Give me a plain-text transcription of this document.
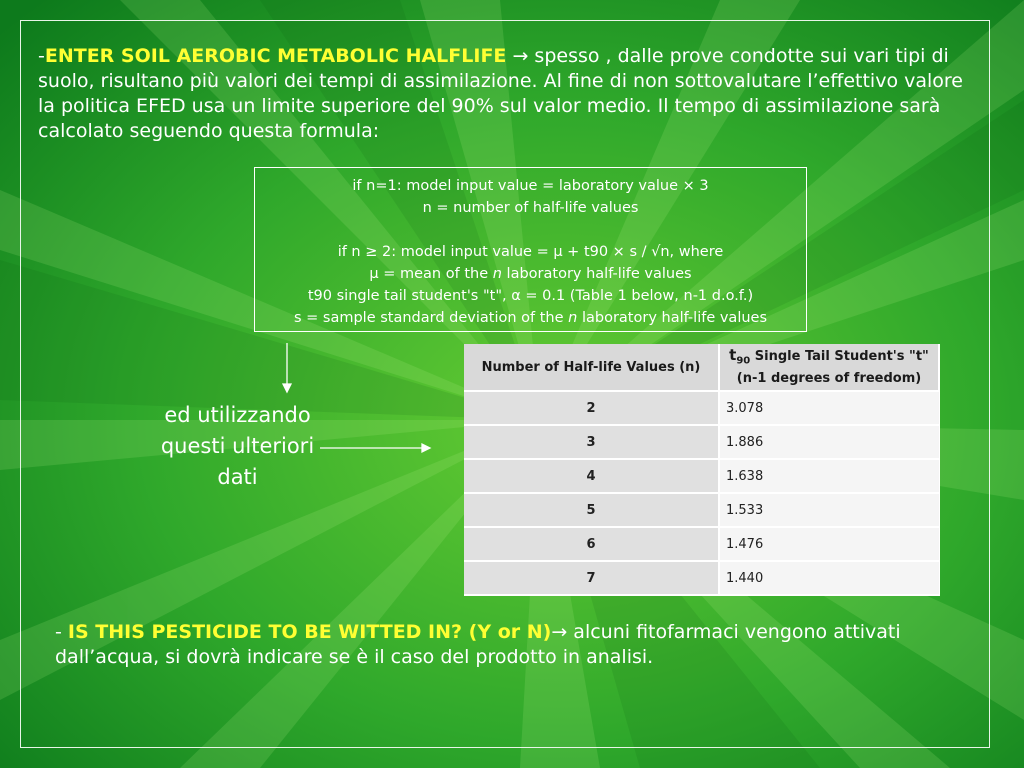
-ENTER SOIL AEROBIC METABOLIC HALFLIFE → spesso , dalle prove condotte sui vari tipi di suolo, risultano più valori dei tempi di assimilazione. Al fine di non sottovalutare l’effettivo valore la politica EFED usa un limite superiore del 90% sul valor medio. Il tempo di assimilazione sarà calcolato seguendo questa formula:
if n=1: model input value = laboratory value × 3
n = number of half-life values
if n ≥ 2: model input value = μ + t90 × s / √n, where
μ = mean of the n laboratory half-life values
t90 single tail student's "t", α = 0.1 (Table 1 below, n-1 d.o.f.)
s = sample standard deviation of the n laboratory half-life values
ed utilizzando questi ulteriori dati
Number of Half-life Values (n)	$t_{90}$ Single Tail Student's "t"
(n-1 degrees of freedom)
2	3.078
3	1.886
4	1.638
5	1.533
6	1.476
7	1.440
- IS THIS PESTICIDE TO BE WITTED IN? (Y or N)→ alcuni fitofarmaci vengono attivati dall’acqua, si dovrà indicare se è il caso del prodotto in analisi.
